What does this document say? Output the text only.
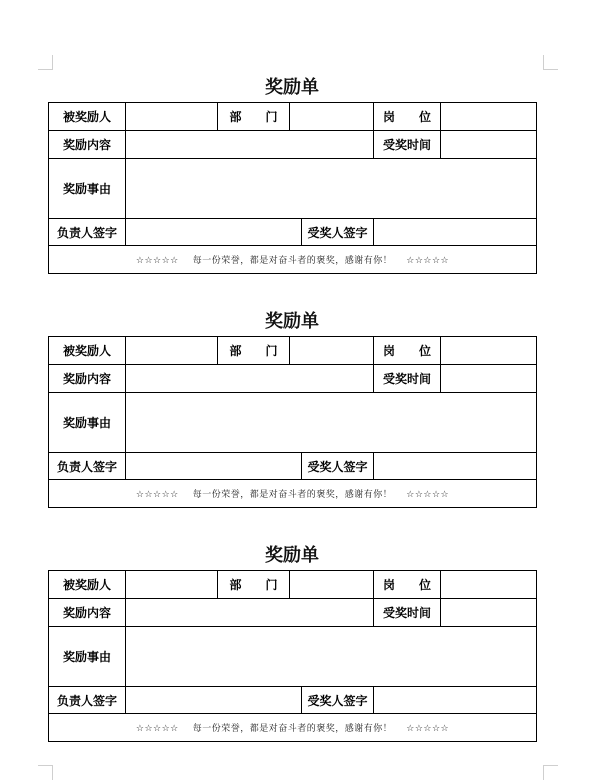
奖励单
被奖励人		部　　门			岗　　位	
奖励内容					受奖时间	
奖励事由						
负责人签字				受奖人签字		
☆☆☆☆☆ 每一份荣誉，都是对奋斗者的褒奖，感谢有你！ ☆☆☆☆☆						
奖励单
被奖励人		部　　门			岗　　位	
奖励内容					受奖时间	
奖励事由						
负责人签字				受奖人签字		
☆☆☆☆☆ 每一份荣誉，都是对奋斗者的褒奖，感谢有你！ ☆☆☆☆☆						
奖励单
被奖励人		部　　门			岗　　位	
奖励内容					受奖时间	
奖励事由						
负责人签字				受奖人签字		
☆☆☆☆☆ 每一份荣誉，都是对奋斗者的褒奖，感谢有你！ ☆☆☆☆☆						
